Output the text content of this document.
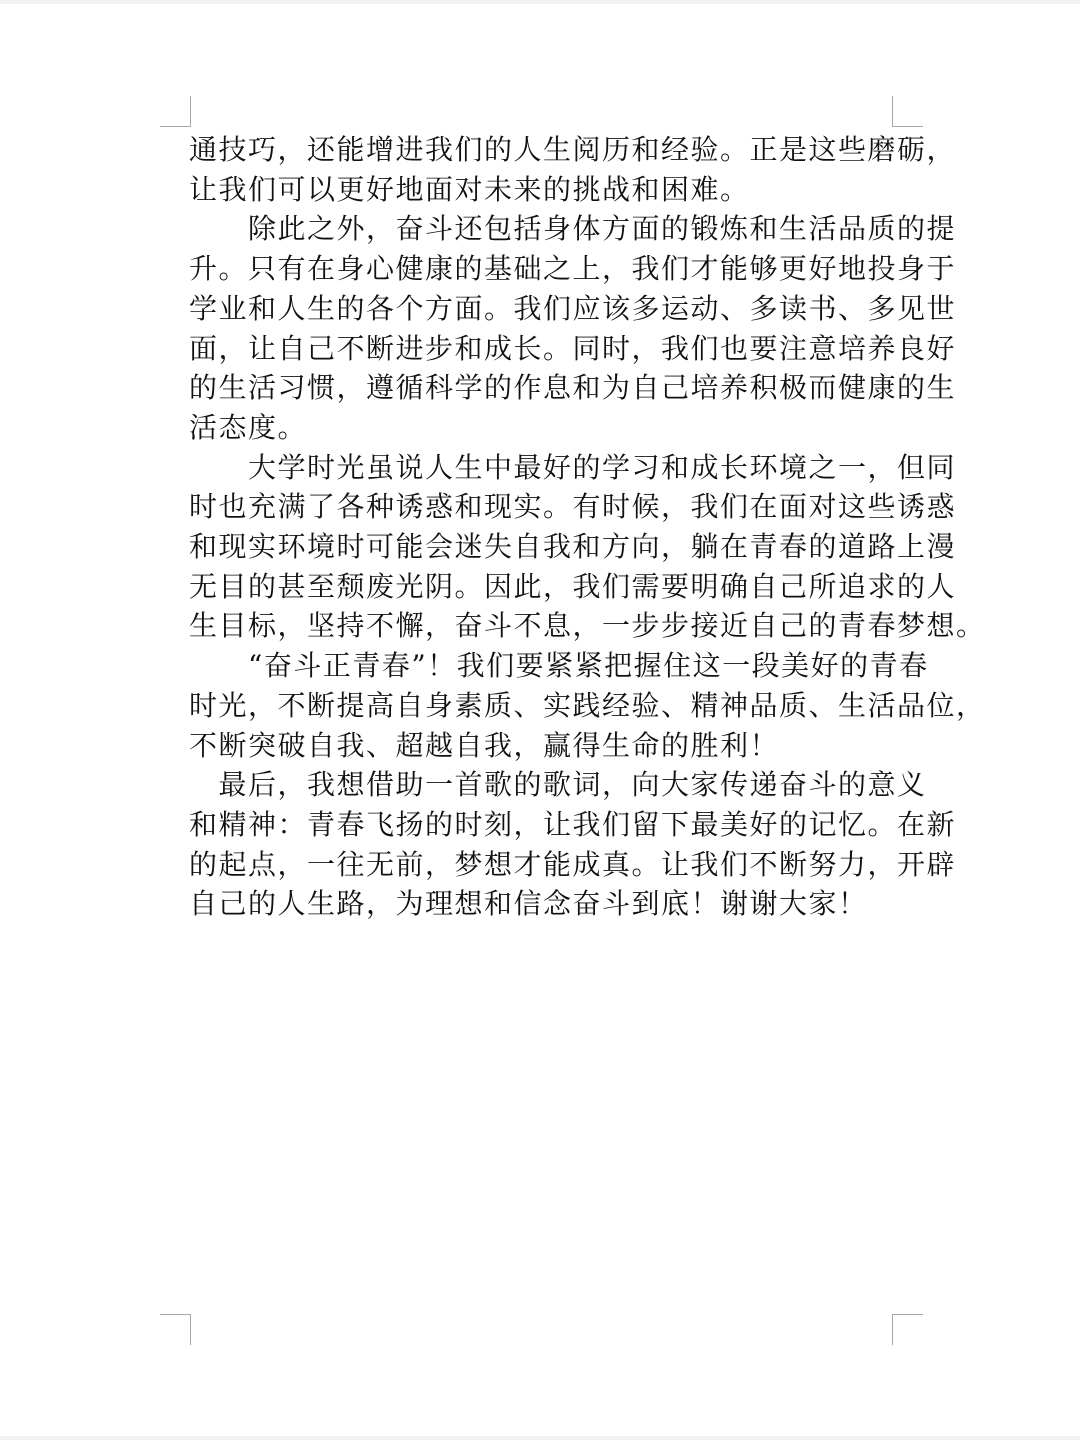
通技巧，还能增进我们的人生阅历和经验。正是这些磨砺，
让我们可以更好地面对未来的挑战和困难。

　　除此之外，奋斗还包括身体方面的锻炼和生活品质的提
升。只有在身心健康的基础之上，我们才能够更好地投身于
学业和人生的各个方面。我们应该多运动、多读书、多见世
面，让自己不断进步和成长。同时，我们也要注意培养良好
的生活习惯，遵循科学的作息和为自己培养积极而健康的生
活态度。

　　大学时光虽说人生中最好的学习和成长环境之一，但同
时也充满了各种诱惑和现实。有时候，我们在面对这些诱惑
和现实环境时可能会迷失自我和方向，躺在青春的道路上漫
无目的甚至颓废光阴。因此，我们需要明确自己所追求的人
生目标，坚持不懈，奋斗不息，一步步接近自己的青春梦想。

　　“奋斗正青春”！我们要紧紧把握住这一段美好的青春
时光，不断提高自身素质、实践经验、精神品质、生活品位，
不断突破自我、超越自我，赢得生命的胜利！

　最后，我想借助一首歌的歌词，向大家传递奋斗的意义
和精神：青春飞扬的时刻，让我们留下最美好的记忆。在新
的起点，一往无前，梦想才能成真。让我们不断努力，开辟
自己的人生路，为理想和信念奋斗到底！谢谢大家！
